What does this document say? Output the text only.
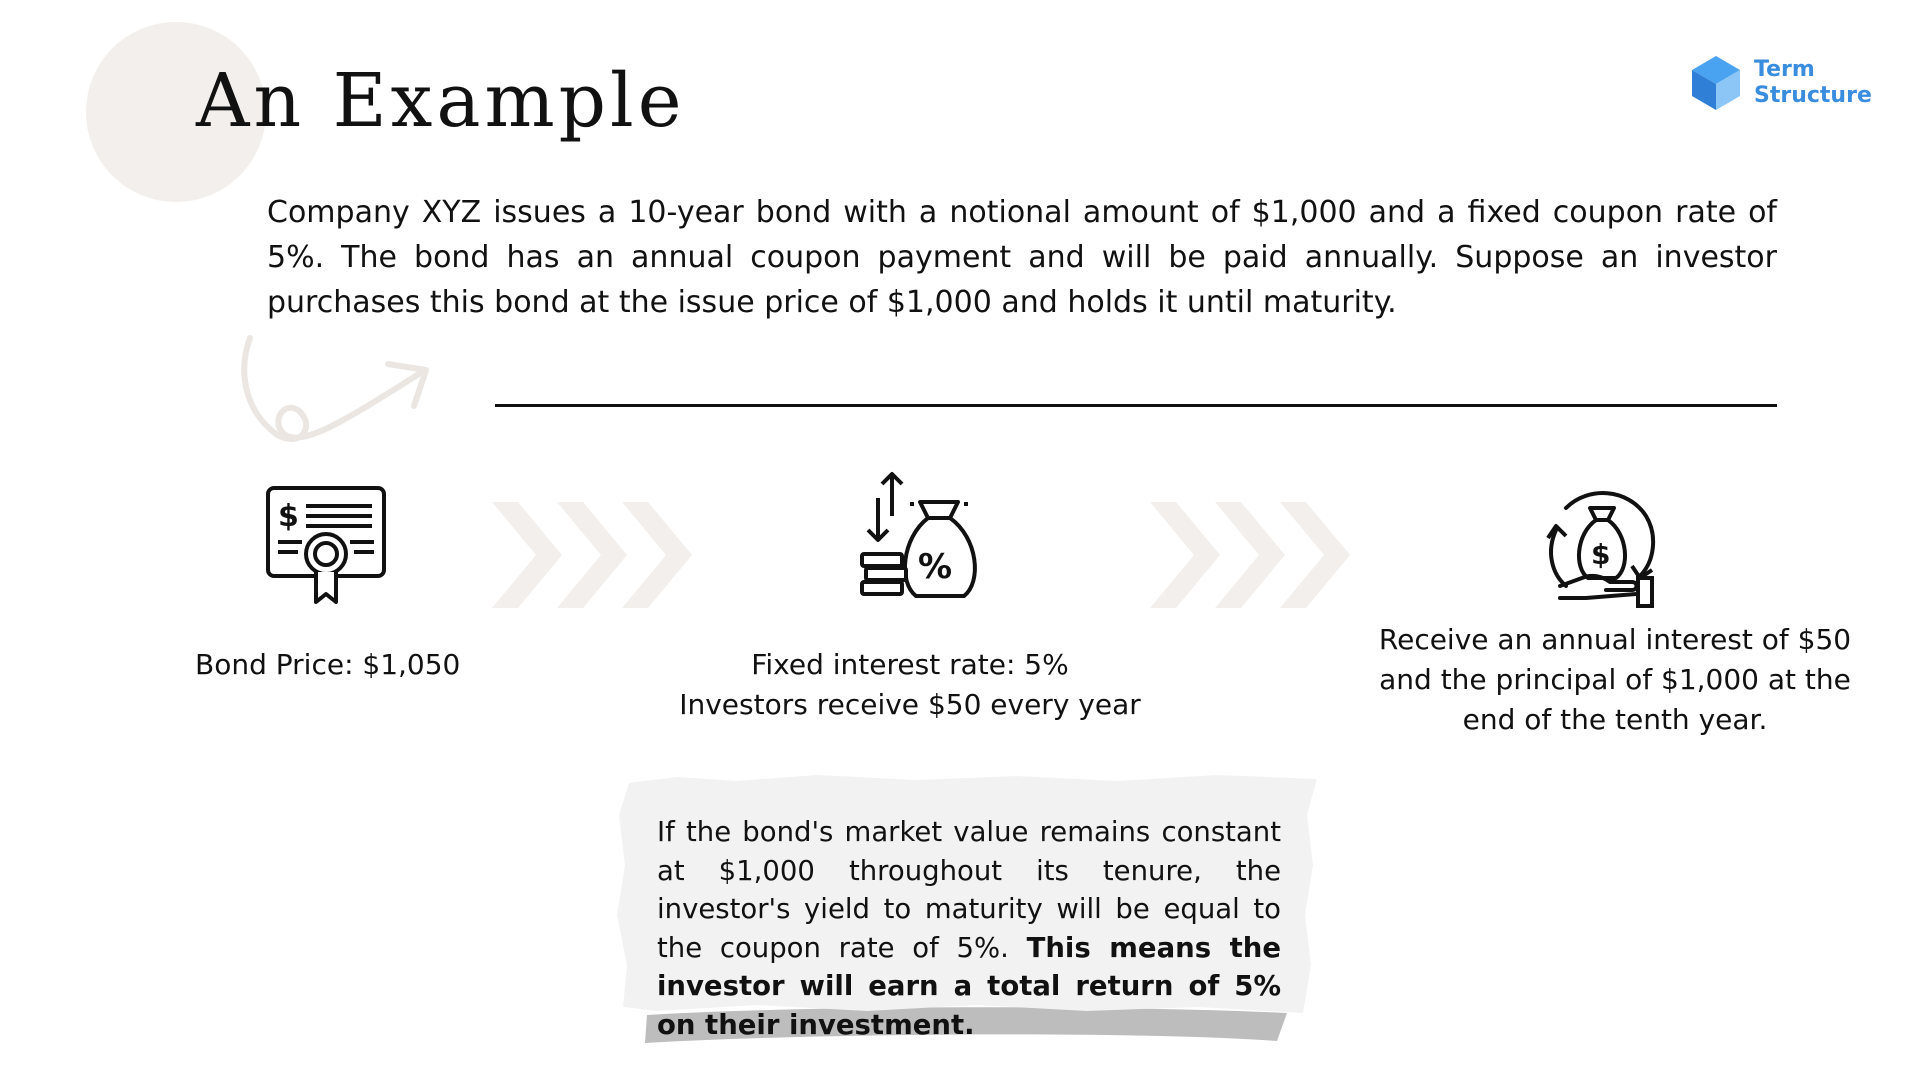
An Example	Term
Structure

Company XYZ issues a 10-year bond with a notional amount of $1,000 and a fixed coupon rate of 5%. The bond has an annual coupon payment and will be paid annually. Suppose an investor purchases this bond at the issue price of $1,000 and holds it until maturity.

$
%	$
Bond Price: $1,050	Fixed interest rate: 5%
Investors receive $50 every year
Receive an annual interest of $50
and the principal of $1,000 at the
end of the tenth year.

If the bond's market value remains constant at $1,000 throughout its tenure, the investor's yield to maturity will be equal to the coupon rate of 5%. This means the investor will earn a total return of 5% on their investment.
